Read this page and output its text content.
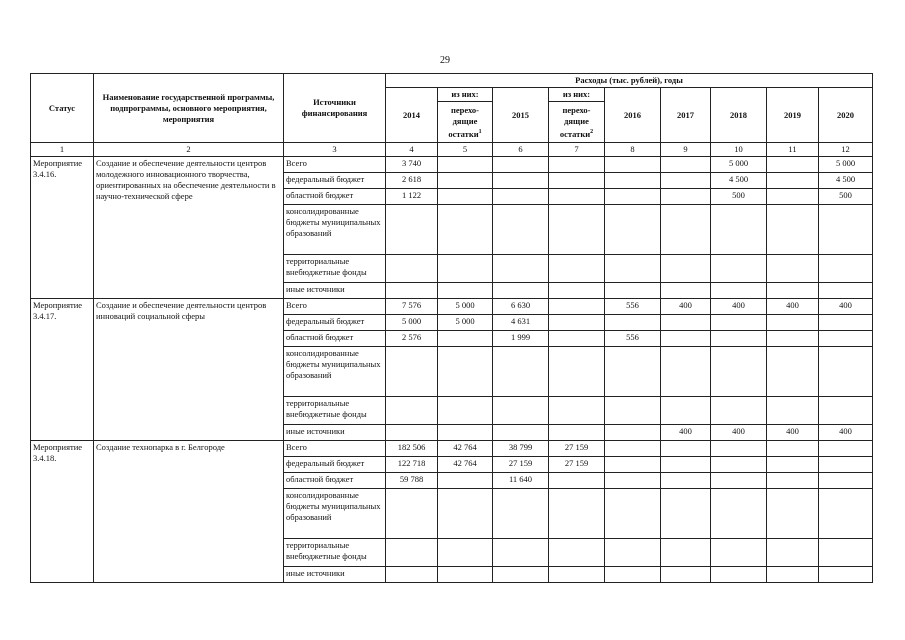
29
Статус	Наименование государственной программы, подпрограммы, основного мероприятия, мероприятия	Источники финансирования	Расходы (тыс. рублей), годы								
			2014	из них:	2015	из них:	2016	2017	2018	2019	2020
				перехо-дящие остатки$^1$		перехо-дящие остатки$^2$
1	2	3	4	5	6	7	8	9	10	11	12
Мероприятие 3.4.16.	Создание и обеспечение деятельности центров молодежного инновационного творчества, ориентированных на обеспечение деятельности в научно-технической сфере	Всего	3 740						5 000		5 000
		федеральный бюджет	2 618						4 500		4 500
		областной бюджет	1 122						500		500
		консолидированные бюджеты муниципальных образований									
		территориальные внебюджетные фонды									
		иные источники									
Мероприятие 3.4.17.	Создание и обеспечение деятельности центров инноваций социальной сферы	Всего	7 576	5 000	6 630		556	400	400	400	400
		федеральный бюджет	5 000	5 000	4 631						
		областной бюджет	2 576		1 999		556				
		консолидированные бюджеты муниципальных образований									
		территориальные внебюджетные фонды									
		иные источники						400	400	400	400
Мероприятие 3.4.18.	Создание технопарка в г. Белгороде	Всего	182 506	42 764	38 799	27 159					
		федеральный бюджет	122 718	42 764	27 159	27 159					
		областной бюджет	59 788		11 640						
		консолидированные бюджеты муниципальных образований									
		территориальные внебюджетные фонды									
		иные источники									
